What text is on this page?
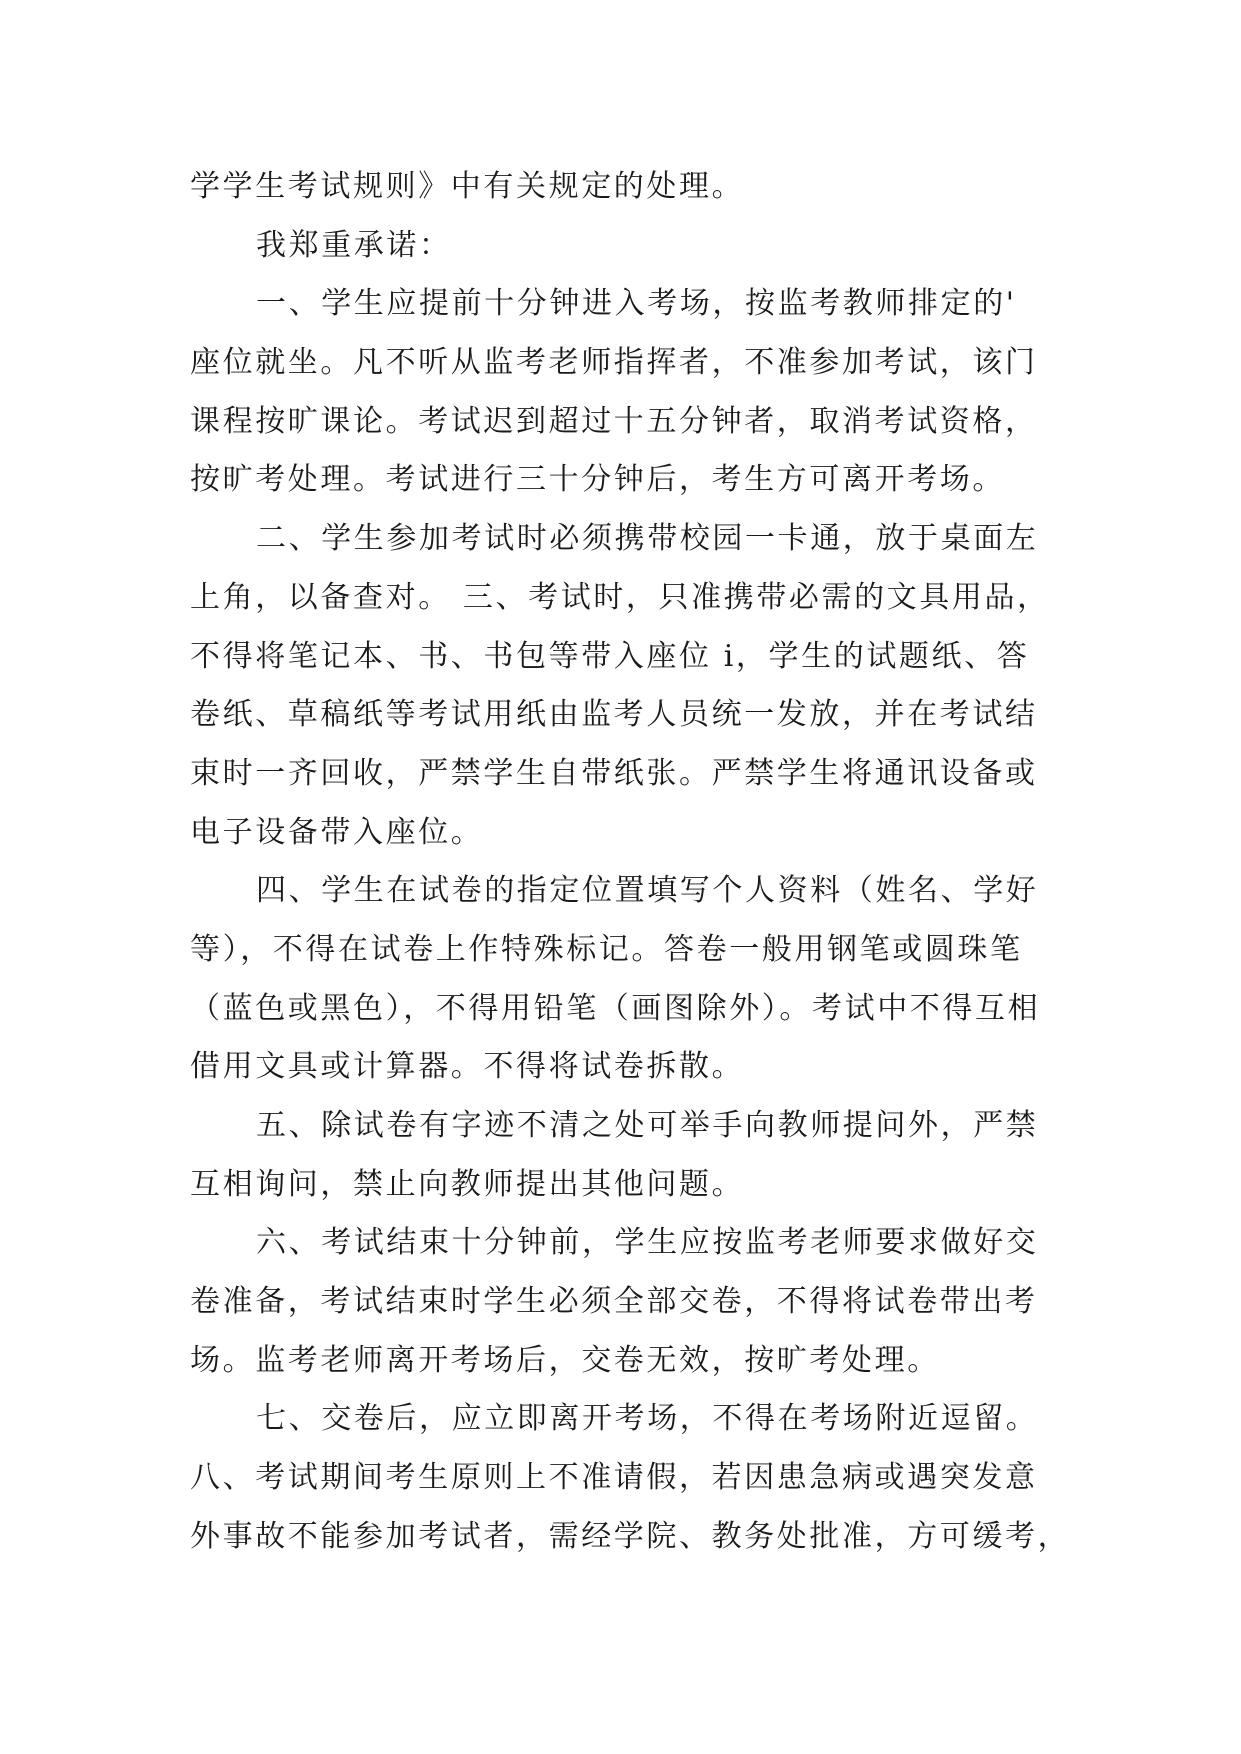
学学生考试规则》中有关规定的处理。
我郑重承诺：
一、学生应提前十分钟进入考场，按监考教师排定的'
座位就坐。凡不听从监考老师指挥者，不准参加考试，该门
课程按旷课论。考试迟到超过十五分钟者，取消考试资格，
按旷考处理。考试进行三十分钟后，考生方可离开考场。
二、学生参加考试时必须携带校园一卡通，放于桌面左
上角，以备查对。 三、考试时，只准携带必需的文具用品，
不得将笔记本、书、书包等带入座位 i，学生的试题纸、答
卷纸、草稿纸等考试用纸由监考人员统一发放，并在考试结
束时一齐回收，严禁学生自带纸张。严禁学生将通讯设备或
电子设备带入座位。
四、学生在试卷的指定位置填写个人资料（姓名、学好
等），不得在试卷上作特殊标记。答卷一般用钢笔或圆珠笔
（蓝色或黑色），不得用铅笔（画图除外）。考试中不得互相
借用文具或计算器。不得将试卷拆散。
五、除试卷有字迹不清之处可举手向教师提问外，严禁
互相询问，禁止向教师提出其他问题。
六、考试结束十分钟前，学生应按监考老师要求做好交
卷准备，考试结束时学生必须全部交卷，不得将试卷带出考
场。监考老师离开考场后，交卷无效，按旷考处理。
七、交卷后，应立即离开考场，不得在考场附近逗留。
八、考试期间考生原则上不准请假，若因患急病或遇突发意
外事故不能参加考试者，需经学院、教务处批准，方可缓考，
